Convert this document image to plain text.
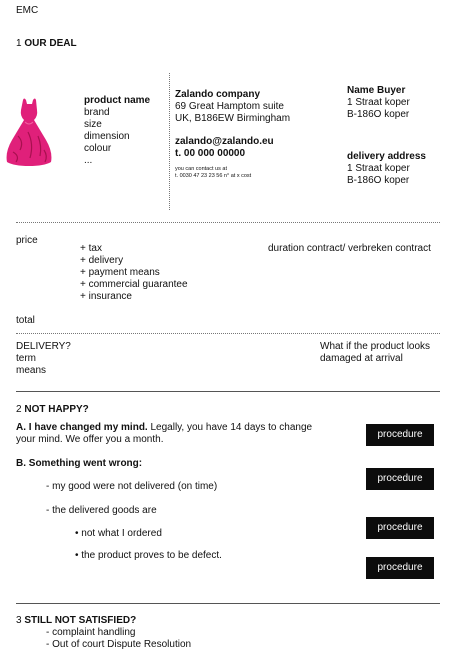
EMC
1 OUR DEAL
product name
brand
size
dimension
colour
...
Zalando company
69 Great Hamptom suite
UK, B186EW Birmingham
zalando@zalando.eu
t. 00 000 00000
you can contact us at
t. 0030 47 23 23 56 n° at x cost
Name Buyer
1 Straat koper
B-186O koper
delivery address
1 Straat koper
B-186O koper
price
+ tax
+ delivery
+ payment means
+ commercial guarantee
+ insurance
duration contract/ verbreken contract
total
DELIVERY?
term
means
What if the product looks
damaged at arrival
2 NOT HAPPY?
A. I have changed my mind. Legally, you have 14 days to change
your mind. We offer you a month.	procedure
B. Something went wrong:
procedure
- my good were not delivered (on time)
- the delivered goods are
• not what I ordered
procedure
• the product proves to be defect.
procedure
3 STILL NOT SATISFIED?
- complaint handling
- Out of court Dispute Resolution
